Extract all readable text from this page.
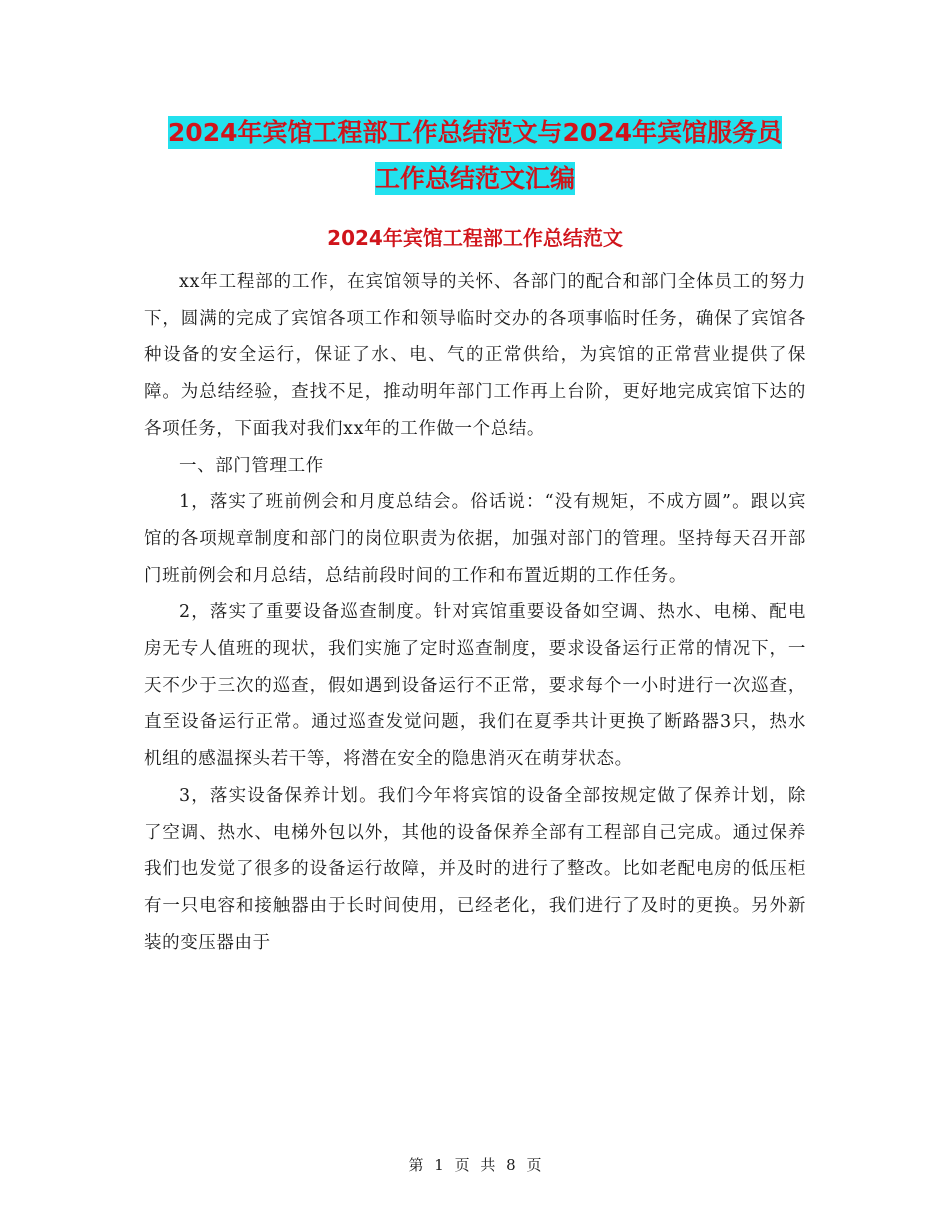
2024年宾馆工程部工作总结范文与2024年宾馆服务员
工作总结范文汇编
2024年宾馆工程部工作总结范文

xx年工程部的工作，在宾馆领导的关怀、各部门的配合和部门全体员工的努力下，圆满的完成了宾馆各项工作和领导临时交办的各项事临时任务，确保了宾馆各种设备的安全运行，保证了水、电、气的正常供给，为宾馆的正常营业提供了保障。为总结经验，查找不足，推动明年部门工作再上台阶，更好地完成宾馆下达的各项任务，下面我对我们xx年的工作做一个总结。

一、部门管理工作

1，落实了班前例会和月度总结会。俗话说：“没有规矩，不成方圆”。跟以宾馆的各项规章制度和部门的岗位职责为依据，加强对部门的管理。坚持每天召开部门班前例会和月总结，总结前段时间的工作和布置近期的工作任务。

2，落实了重要设备巡查制度。针对宾馆重要设备如空调、热水、电梯、配电房无专人值班的现状，我们实施了定时巡查制度，要求设备运行正常的情况下，一天不少于三次的巡查，假如遇到设备运行不正常，要求每个一小时进行一次巡查，直至设备运行正常。通过巡查发觉问题，我们在夏季共计更换了断路器3只，热水机组的感温探头若干等，将潜在安全的隐患消灭在萌芽状态。

3，落实设备保养计划。我们今年将宾馆的设备全部按规定做了保养计划，除了空调、热水、电梯外包以外，其他的设备保养全部有工程部自己完成。通过保养我们也发觉了很多的设备运行故障，并及时的进行了整改。比如老配电房的低压柜有一只电容和接触器由于长时间使用，已经老化，我们进行了及时的更换。另外新装的变压器由于

第 1 页 共 8 页
